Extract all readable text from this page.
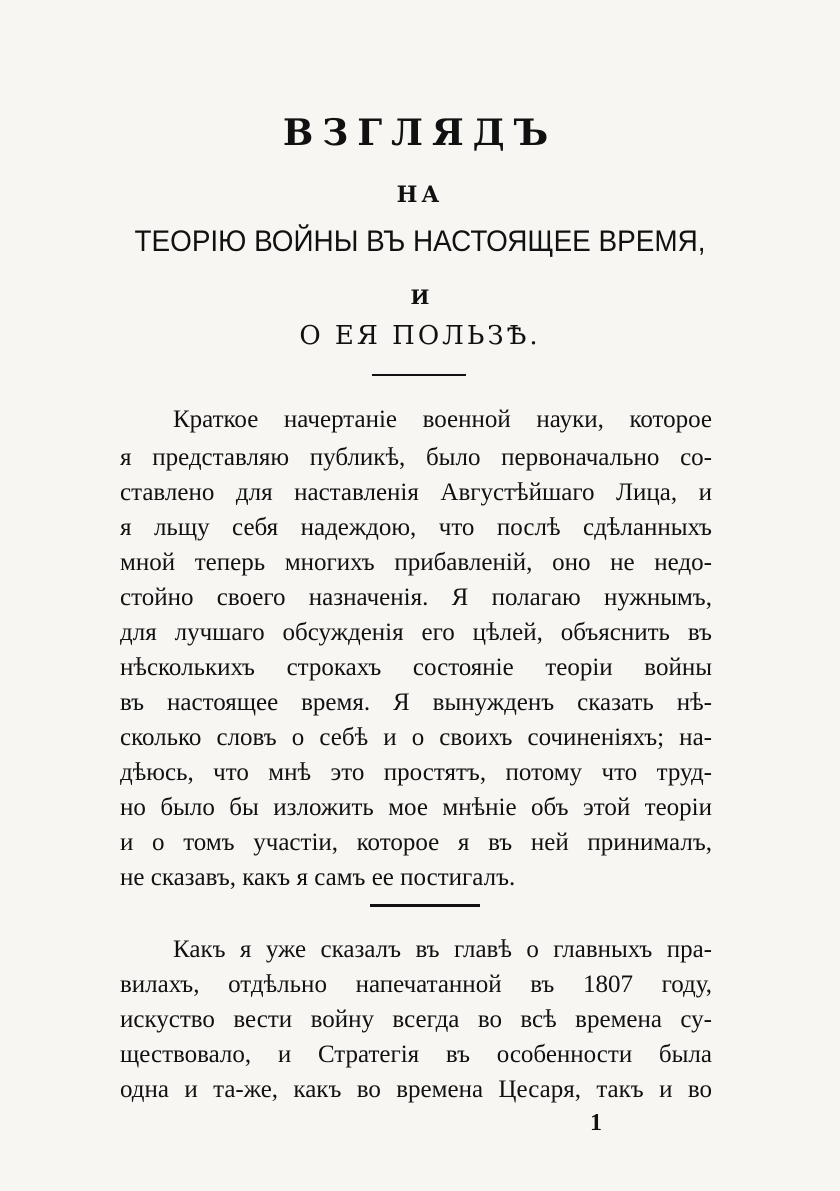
ВЗГЛЯДЪ
НА
ТЕОРІЮ ВОЙНЫ ВЪ НАСТОЯЩЕЕ ВРЕМЯ,
И
О ЕЯ ПОЛЬЗѢ.
Краткое начертаніе военной науки, которое
я представляю публикѣ, было первоначально со-
ставлено для наставленія Августѣйшаго Лица, и
я льщу себя надеждою, что послѣ сдѣланныхъ
мной теперь многихъ прибавленій, оно не недо-
стойно своего назначенія. Я полагаю нужнымъ,
для лучшаго обсужденія его цѣлей, объяснить въ
нѣсколькихъ строкахъ состояніе теоріи войны
въ настоящее время. Я вынужденъ сказать нѣ-
сколько словъ о себѣ и о своихъ сочиненіяхъ; на-
дѣюсь, что мнѣ это простятъ, потому что труд-
но было бы изложить мое мнѣніе объ этой теоріи
и о томъ участіи, которое я въ ней принималъ,
не сказавъ, какъ я самъ ее постигалъ.
Какъ я уже сказалъ въ главѣ о главныхъ пра-
вилахъ, отдѣльно напечатанной въ 1807 году,
искуство вести войну всегда во всѣ времена су-
ществовало, и Стратегія въ особенности была
одна и та-же, какъ во времена Цесаря, такъ и во
1
